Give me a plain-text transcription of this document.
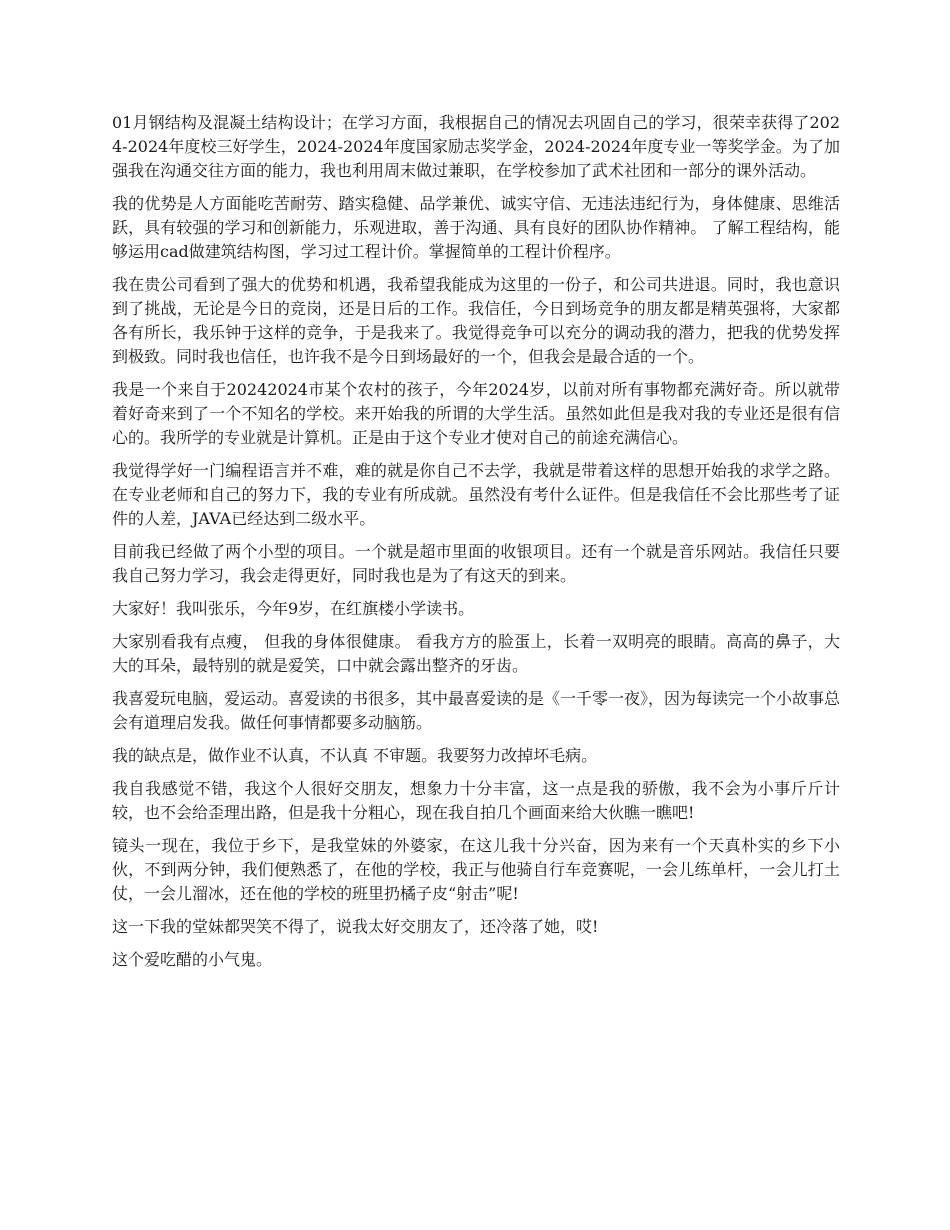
01月钢结构及混凝土结构设计；在学习方面，我根据自己的情况去巩固自己的学习，很荣幸获得了2024-2024年度校三好学生，2024-2024年度国家励志奖学金，2024-2024年度专业一等奖学金。为了加强我在沟通交往方面的能力，我也利用周末做过兼职，在学校参加了武术社团和一部分的课外活动。

我的优势是人方面能吃苦耐劳、踏实稳健、品学兼优、诚实守信、无违法违纪行为，身体健康、思维活跃，具有较强的学习和创新能力，乐观进取，善于沟通、具有良好的团队协作精神。 了解工程结构，能够运用cad做建筑结构图，学习过工程计价。掌握简单的工程计价程序。

我在贵公司看到了强大的优势和机遇，我希望我能成为这里的一份子，和公司共进退。同时，我也意识到了挑战，无论是今日的竞岗，还是日后的工作。我信任，今日到场竞争的朋友都是精英强将，大家都各有所长，我乐钟于这样的竞争，于是我来了。我觉得竞争可以充分的调动我的潜力，把我的优势发挥到极致。同时我也信任，也许我不是今日到场最好的一个，但我会是最合适的一个。

我是一个来自于20242024市某个农村的孩子，今年2024岁，以前对所有事物都充满好奇。所以就带着好奇来到了一个不知名的学校。来开始我的所谓的大学生活。虽然如此但是我对我的专业还是很有信心的。我所学的专业就是计算机。正是由于这个专业才使对自己的前途充满信心。

我觉得学好一门编程语言并不难，难的就是你自己不去学，我就是带着这样的思想开始我的求学之路。在专业老师和自己的努力下，我的专业有所成就。虽然没有考什么证件。但是我信任不会比那些考了证件的人差，JAVA已经达到二级水平。

目前我已经做了两个小型的项目。一个就是超市里面的收银项目。还有一个就是音乐网站。我信任只要我自己努力学习，我会走得更好，同时我也是为了有这天的到来。

大家好！我叫张乐，今年9岁，在红旗楼小学读书。

大家别看我有点瘦， 但我的身体很健康。 看我方方的脸蛋上，长着一双明亮的眼睛。高高的鼻子，大大的耳朵，最特别的就是爱笑，口中就会露出整齐的牙齿。

我喜爱玩电脑，爱运动。喜爱读的书很多，其中最喜爱读的是《一千零一夜》，因为每读完一个小故事总会有道理启发我。做任何事情都要多动脑筋。

我的缺点是，做作业不认真，不认真 不审题。我要努力改掉坏毛病。

我自我感觉不错，我这个人很好交朋友，想象力十分丰富，这一点是我的骄傲，我不会为小事斤斤计较，也不会给歪理出路，但是我十分粗心，现在我自拍几个画面来给大伙瞧一瞧吧!

镜头一现在，我位于乡下，是我堂妹的外婆家，在这儿我十分兴奋，因为来有一个天真朴实的乡下小伙，不到两分钟，我们便熟悉了，在他的学校，我正与他骑自行车竞赛呢，一会儿练单杆，一会儿打土仗，一会儿溜冰，还在他的学校的班里扔橘子皮“射击”呢!

这一下我的堂妹都哭笑不得了，说我太好交朋友了，还冷落了她，哎!

这个爱吃醋的小气鬼。
